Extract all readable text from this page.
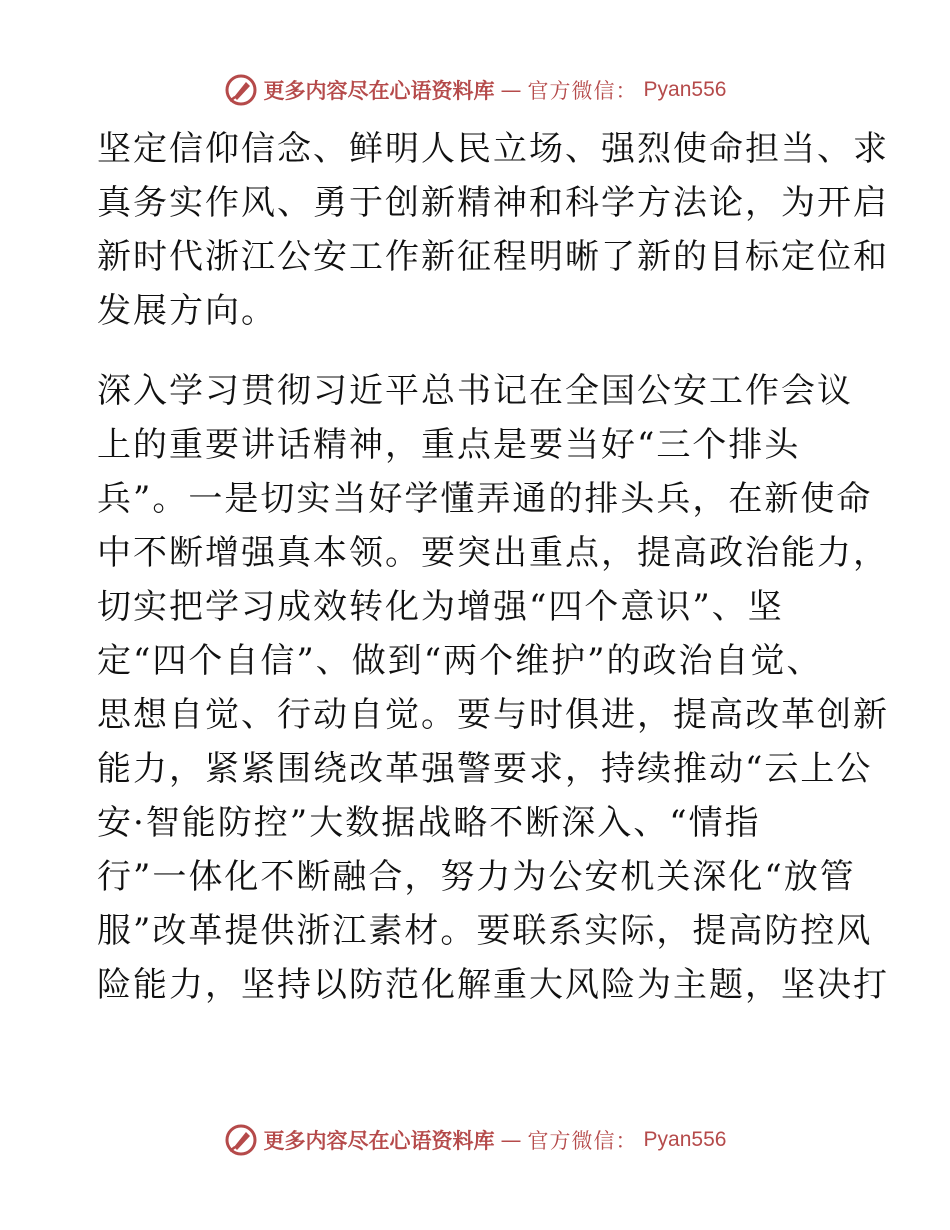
更多内容尽在心语资料库 — 官方微信： Pyan556
坚定信仰信念、鲜明人民立场、强烈使命担当、求
真务实作风、勇于创新精神和科学方法论，为开启
新时代浙江公安工作新征程明晰了新的目标定位和
发展方向。
深入学习贯彻习近平总书记在全国公安工作会议
上的重要讲话精神，重点是要当好“三个排头
兵”。一是切实当好学懂弄通的排头兵，在新使命
中不断增强真本领。要突出重点，提高政治能力，
切实把学习成效转化为增强“四个意识”、坚
定“四个自信”、做到“两个维护”的政治自觉、
思想自觉、行动自觉。要与时俱进，提高改革创新
能力，紧紧围绕改革强警要求，持续推动“云上公
安·智能防控”大数据战略不断深入、“情指
行”一体化不断融合，努力为公安机关深化“放管
服”改革提供浙江素材。要联系实际，提高防控风
险能力，坚持以防范化解重大风险为主题，坚决打
更多内容尽在心语资料库 — 官方微信： Pyan556
